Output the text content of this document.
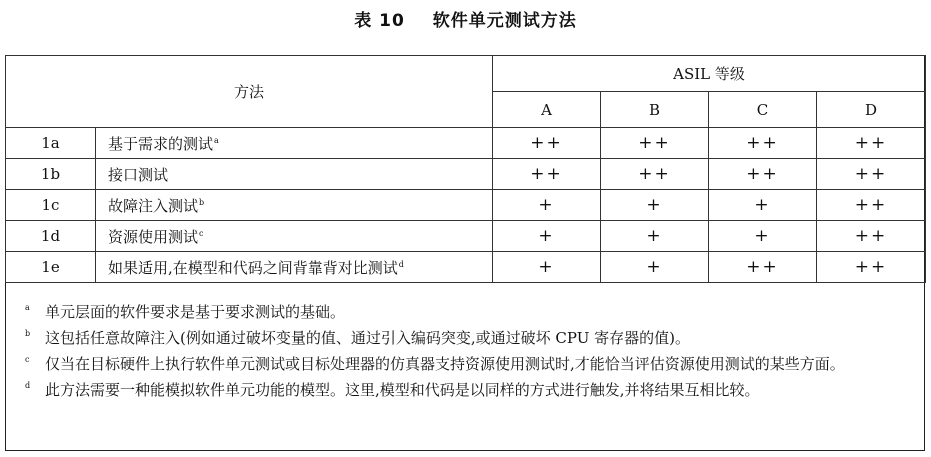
表 10 软件单元测试方法
方法		ASIL 等级			
		A	B	C	D
1a	基于需求的测试$^a$	++	++	++	++
1b	接口测试	++	++	++	++
1c	故障注入测试$^b$	+	+	+	++
1d	资源使用测试$^c$	+	+	+	++
1e	如果适用,在模型和代码之间背靠背对比测试$^d$	+	+	++	++
a 单元层面的软件要求是基于要求测试的基础。
b 这包括任意故障注入(例如通过破坏变量的值、通过引入编码突变,或通过破坏 CPU 寄存器的值)。
c 仅当在目标硬件上执行软件单元测试或目标处理器的仿真器支持资源使用测试时,才能恰当评估资源使用测试的某些方面。
d 此方法需要一种能模拟软件单元功能的模型。这里,模型和代码是以同样的方式进行触发,并将结果互相比较。
